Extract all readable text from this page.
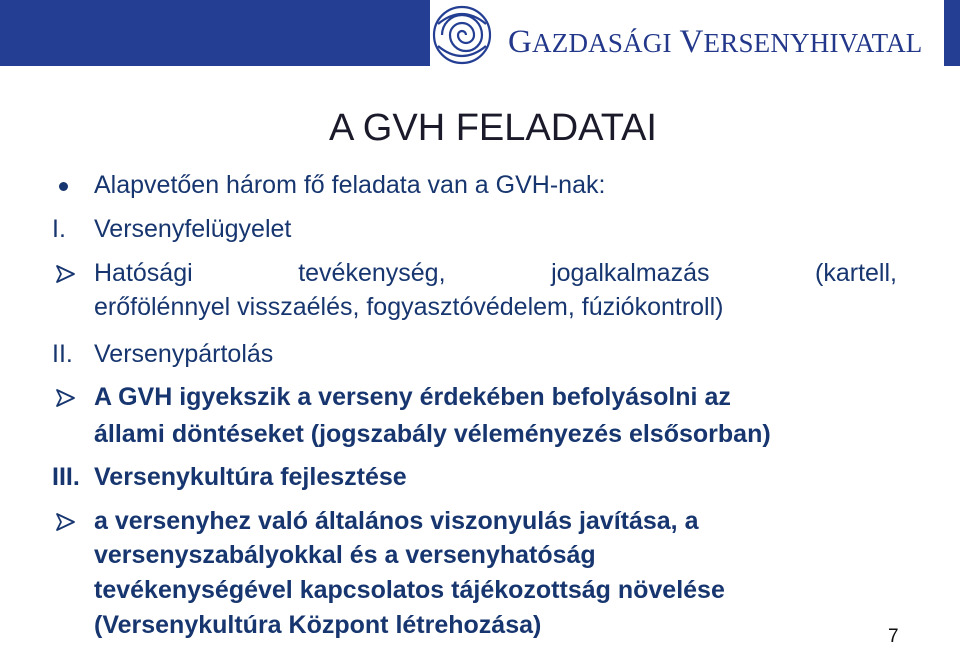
GAZDASÁGI VERSENYHIVATAL
A GVH FELADATAI
Alapvetően három fő feladata van a GVH-nak:
I. Versenyfelügyelet
Hatósági	tevékenység,	jogalkalmazás	(kartell,
erőfölénnyel visszaélés, fogyasztóvédelem, fúziókontroll)
II. Versenypártolás
A GVH igyekszik a verseny érdekében befolyásolni az
állami döntéseket (jogszabály véleményezés elsősorban)
III. Versenykultúra fejlesztése
a versenyhez való általános viszonyulás javítása, a
versenyszabályokkal és a versenyhatóság
tevékenységével kapcsolatos tájékozottság növelése
(Versenykultúra Központ létrehozása)	7
